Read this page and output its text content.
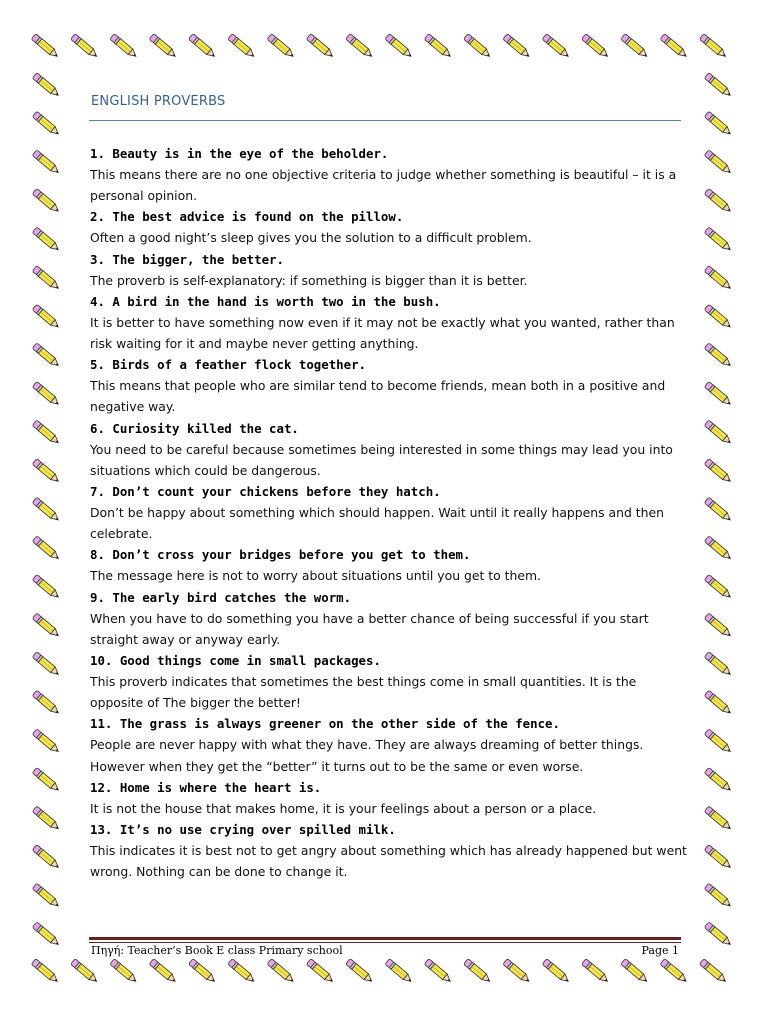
ENGLISH PROVERBS
1. Beauty is in the eye of the beholder.
This means there are no one objective criteria to judge whether something is beautiful – it is a personal opinion.
2. The best advice is found on the pillow.
Often a good night’s sleep gives you the solution to a difficult problem.
3. The bigger, the better.
The proverb is self-explanatory: if something is bigger than it is better.
4. A bird in the hand is worth two in the bush.
It is better to have something now even if it may not be exactly what you wanted, rather than risk waiting for it and maybe never getting anything.
5. Birds of a feather flock together.
This means that people who are similar tend to become friends, mean both in a positive and negative way.
6. Curiosity killed the cat.
You need to be careful because sometimes being interested in some things may lead you into situations which could be dangerous.
7. Don’t count your chickens before they hatch.
Don’t be happy about something which should happen. Wait until it really happens and then celebrate.
8. Don’t cross your bridges before you get to them.
The message here is not to worry about situations until you get to them.
9. The early bird catches the worm.
When you have to do something you have a better chance of being successful if you start straight away or anyway early.
10. Good things come in small packages.
This proverb indicates that sometimes the best things come in small quantities. It is the opposite of The bigger the better!
11. The grass is always greener on the other side of the fence.
People are never happy with what they have. They are always dreaming of better things. However when they get the “better” it turns out to be the same or even worse.
12. Home is where the heart is.
It is not the house that makes home, it is your feelings about a person or a place.
13. It’s no use crying over spilled milk.
This indicates it is best not to get angry about something which has already happened but went wrong. Nothing can be done to change it.
Πηγή: Teacher’s Book E class Primary school	Page 1
